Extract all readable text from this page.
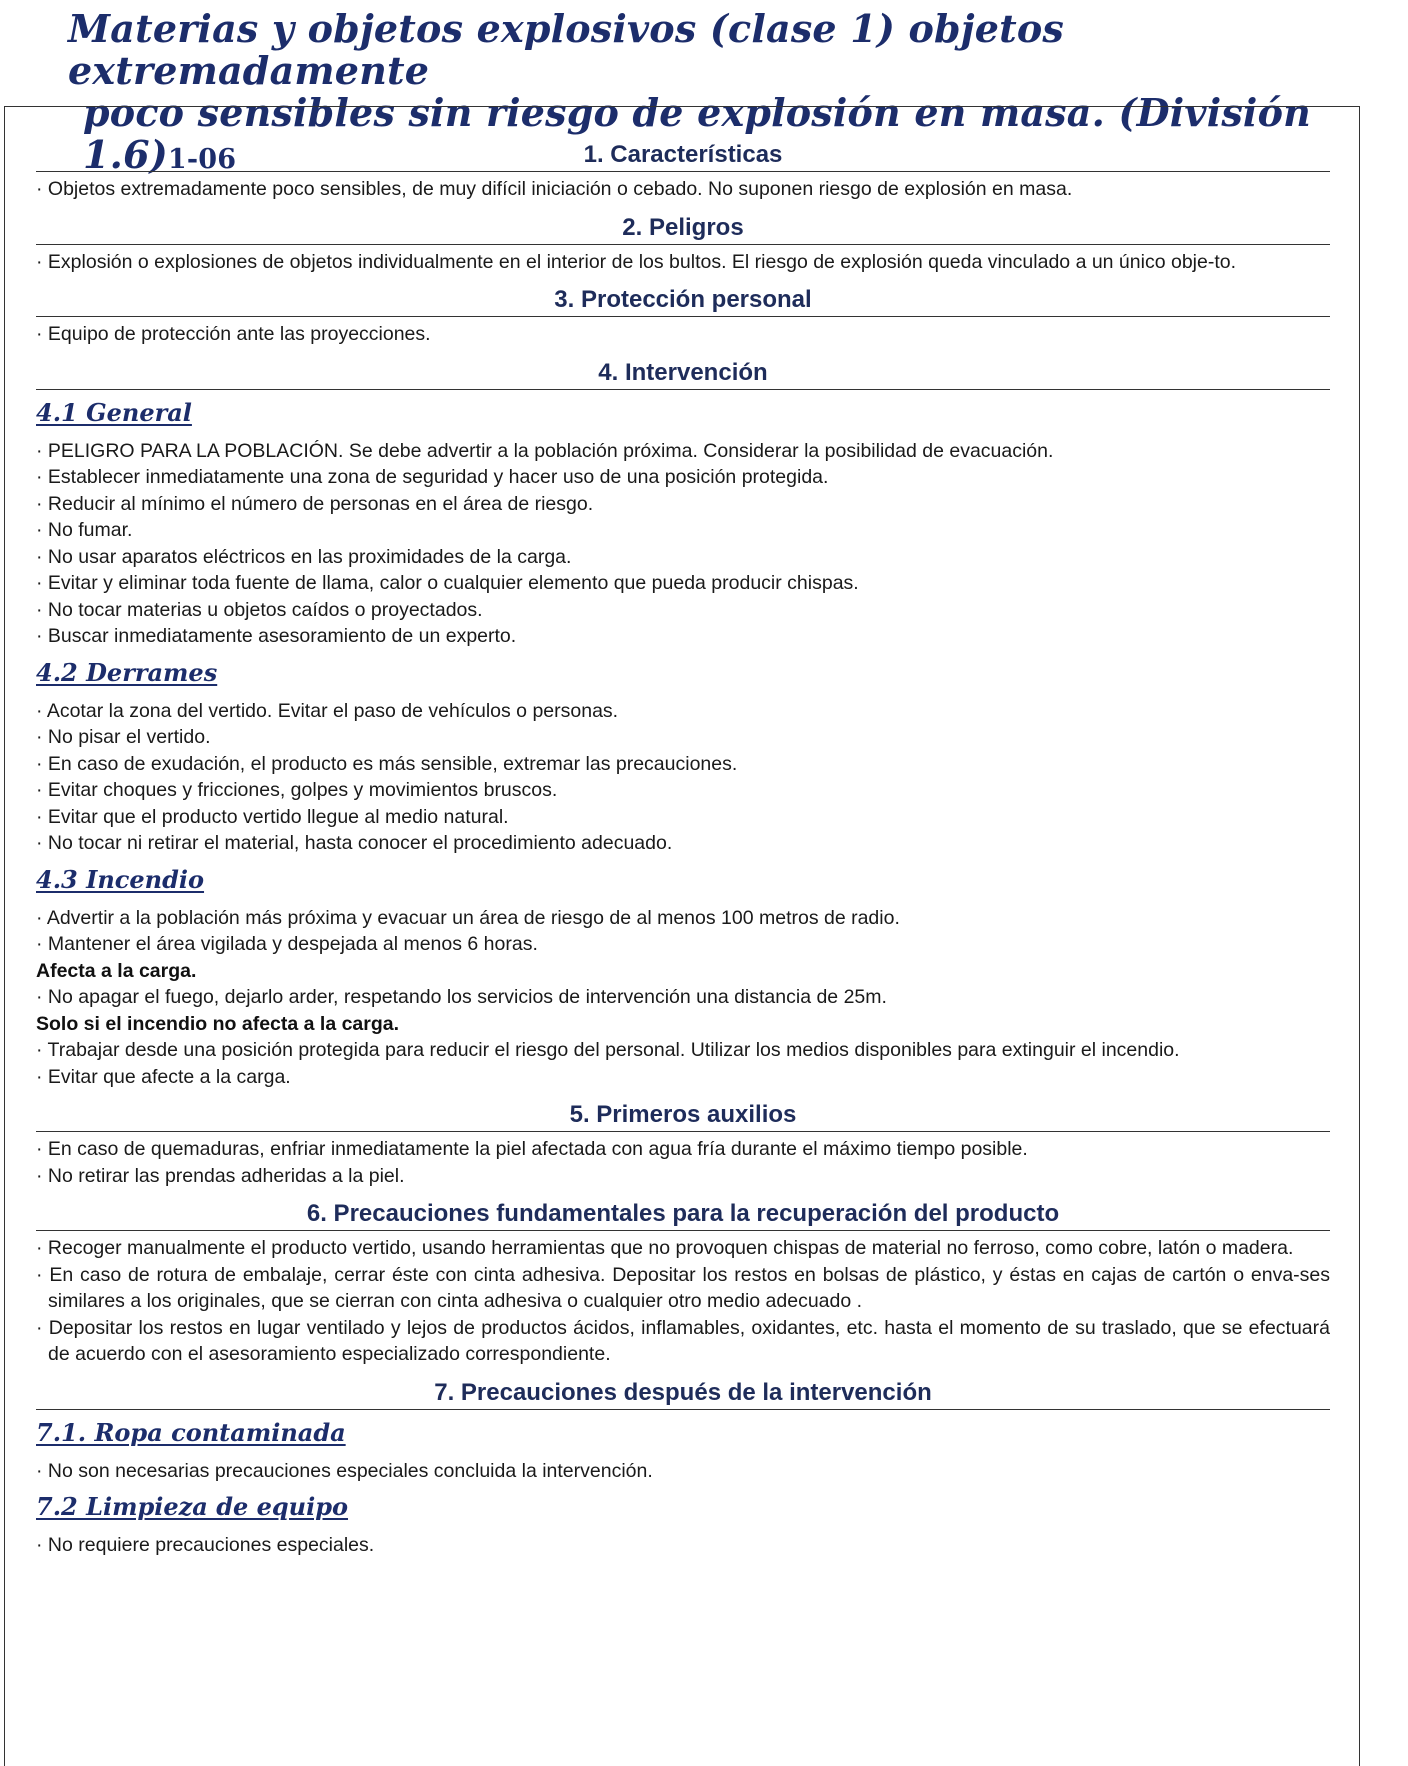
Materias y objetos explosivos (clase 1) objetos extremadamente
poco sensibles sin riesgo de explosión en masa. (División 1.6)1-06	1. Características
· Objetos extremadamente poco sensibles, de muy difícil iniciación o cebado. No suponen riesgo de explosión en masa.
2. Peligros
· Explosión o explosiones de objetos individualmente en el interior de los bultos. El riesgo de explosión queda vinculado a un único obje-to.
3. Protección personal
· Equipo de protección ante las proyecciones.
4. Intervención
4.1 General
· PELIGRO PARA LA POBLACIÓN. Se debe advertir a la población próxima. Considerar la posibilidad de evacuación.
· Establecer inmediatamente una zona de seguridad y hacer uso de una posición protegida.
· Reducir al mínimo el número de personas en el área de riesgo.
· No fumar.
· No usar aparatos eléctricos en las proximidades de la carga.
· Evitar y eliminar toda fuente de llama, calor o cualquier elemento que pueda producir chispas.
· No tocar materias u objetos caídos o proyectados.
· Buscar inmediatamente asesoramiento de un experto.
4.2 Derrames
· Acotar la zona del vertido. Evitar el paso de vehículos o personas.
· No pisar el vertido.
· En caso de exudación, el producto es más sensible, extremar las precauciones.
· Evitar choques y fricciones, golpes y movimientos bruscos.
· Evitar que el producto vertido llegue al medio natural.
· No tocar ni retirar el material, hasta conocer el procedimiento adecuado.
4.3 Incendio
· Advertir a la población más próxima y evacuar un área de riesgo de al menos 100 metros de radio.
· Mantener el área vigilada y despejada al menos 6 horas.
Afecta a la carga.
· No apagar el fuego, dejarlo arder, respetando los servicios de intervención una distancia de 25m.
Solo si el incendio no afecta a la carga.
· Trabajar desde una posición protegida para reducir el riesgo del personal. Utilizar los medios disponibles para extinguir el incendio.
· Evitar que afecte a la carga.
5. Primeros auxilios
· En caso de quemaduras, enfriar inmediatamente la piel afectada con agua fría durante el máximo tiempo posible.
· No retirar las prendas adheridas a la piel.
6. Precauciones fundamentales para la recuperación del producto
· Recoger manualmente el producto vertido, usando herramientas que no provoquen chispas de material no ferroso, como cobre, latón o madera.
· En caso de rotura de embalaje, cerrar éste con cinta adhesiva. Depositar los restos en bolsas de plástico, y éstas en cajas de cartón o enva-ses similares a los originales, que se cierran con cinta adhesiva o cualquier otro medio adecuado .
· Depositar los restos en lugar ventilado y lejos de productos ácidos, inflamables, oxidantes, etc. hasta el momento de su traslado, que se efectuará de acuerdo con el asesoramiento especializado correspondiente.
7. Precauciones después de la intervención
7.1. Ropa contaminada
· No son necesarias precauciones especiales concluida la intervención.
7.2 Limpieza de equipo
· No requiere precauciones especiales.
